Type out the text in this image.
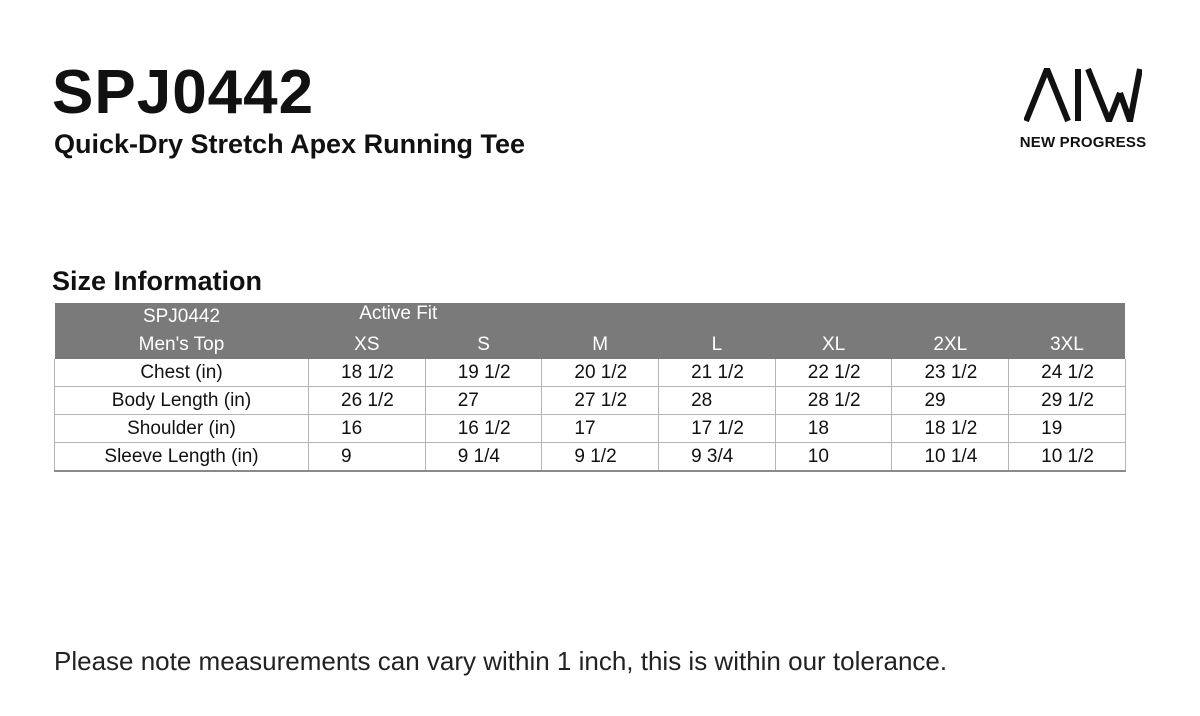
SPJ0442
Quick-Dry Stretch Apex Running Tee	NEW PROGRESS
Size Information
SPJ0442		Active Fit					
Men's Top	XS	S	M	L	XL	2XL	3XL
Chest (in)	18 1/2	19 1/2	20 1/2	21 1/2	22 1/2	23 1/2	24 1/2
Body Length (in)	26 1/2	27	27 1/2	28	28 1/2	29	29 1/2
Shoulder (in)	16	16 1/2	17	17 1/2	18	18 1/2	19
Sleeve Length (in)	9	9 1/4	9 1/2	9 3/4	10	10 1/4	10 1/2
Please note measurements can vary within 1 inch, this is within our tolerance.
